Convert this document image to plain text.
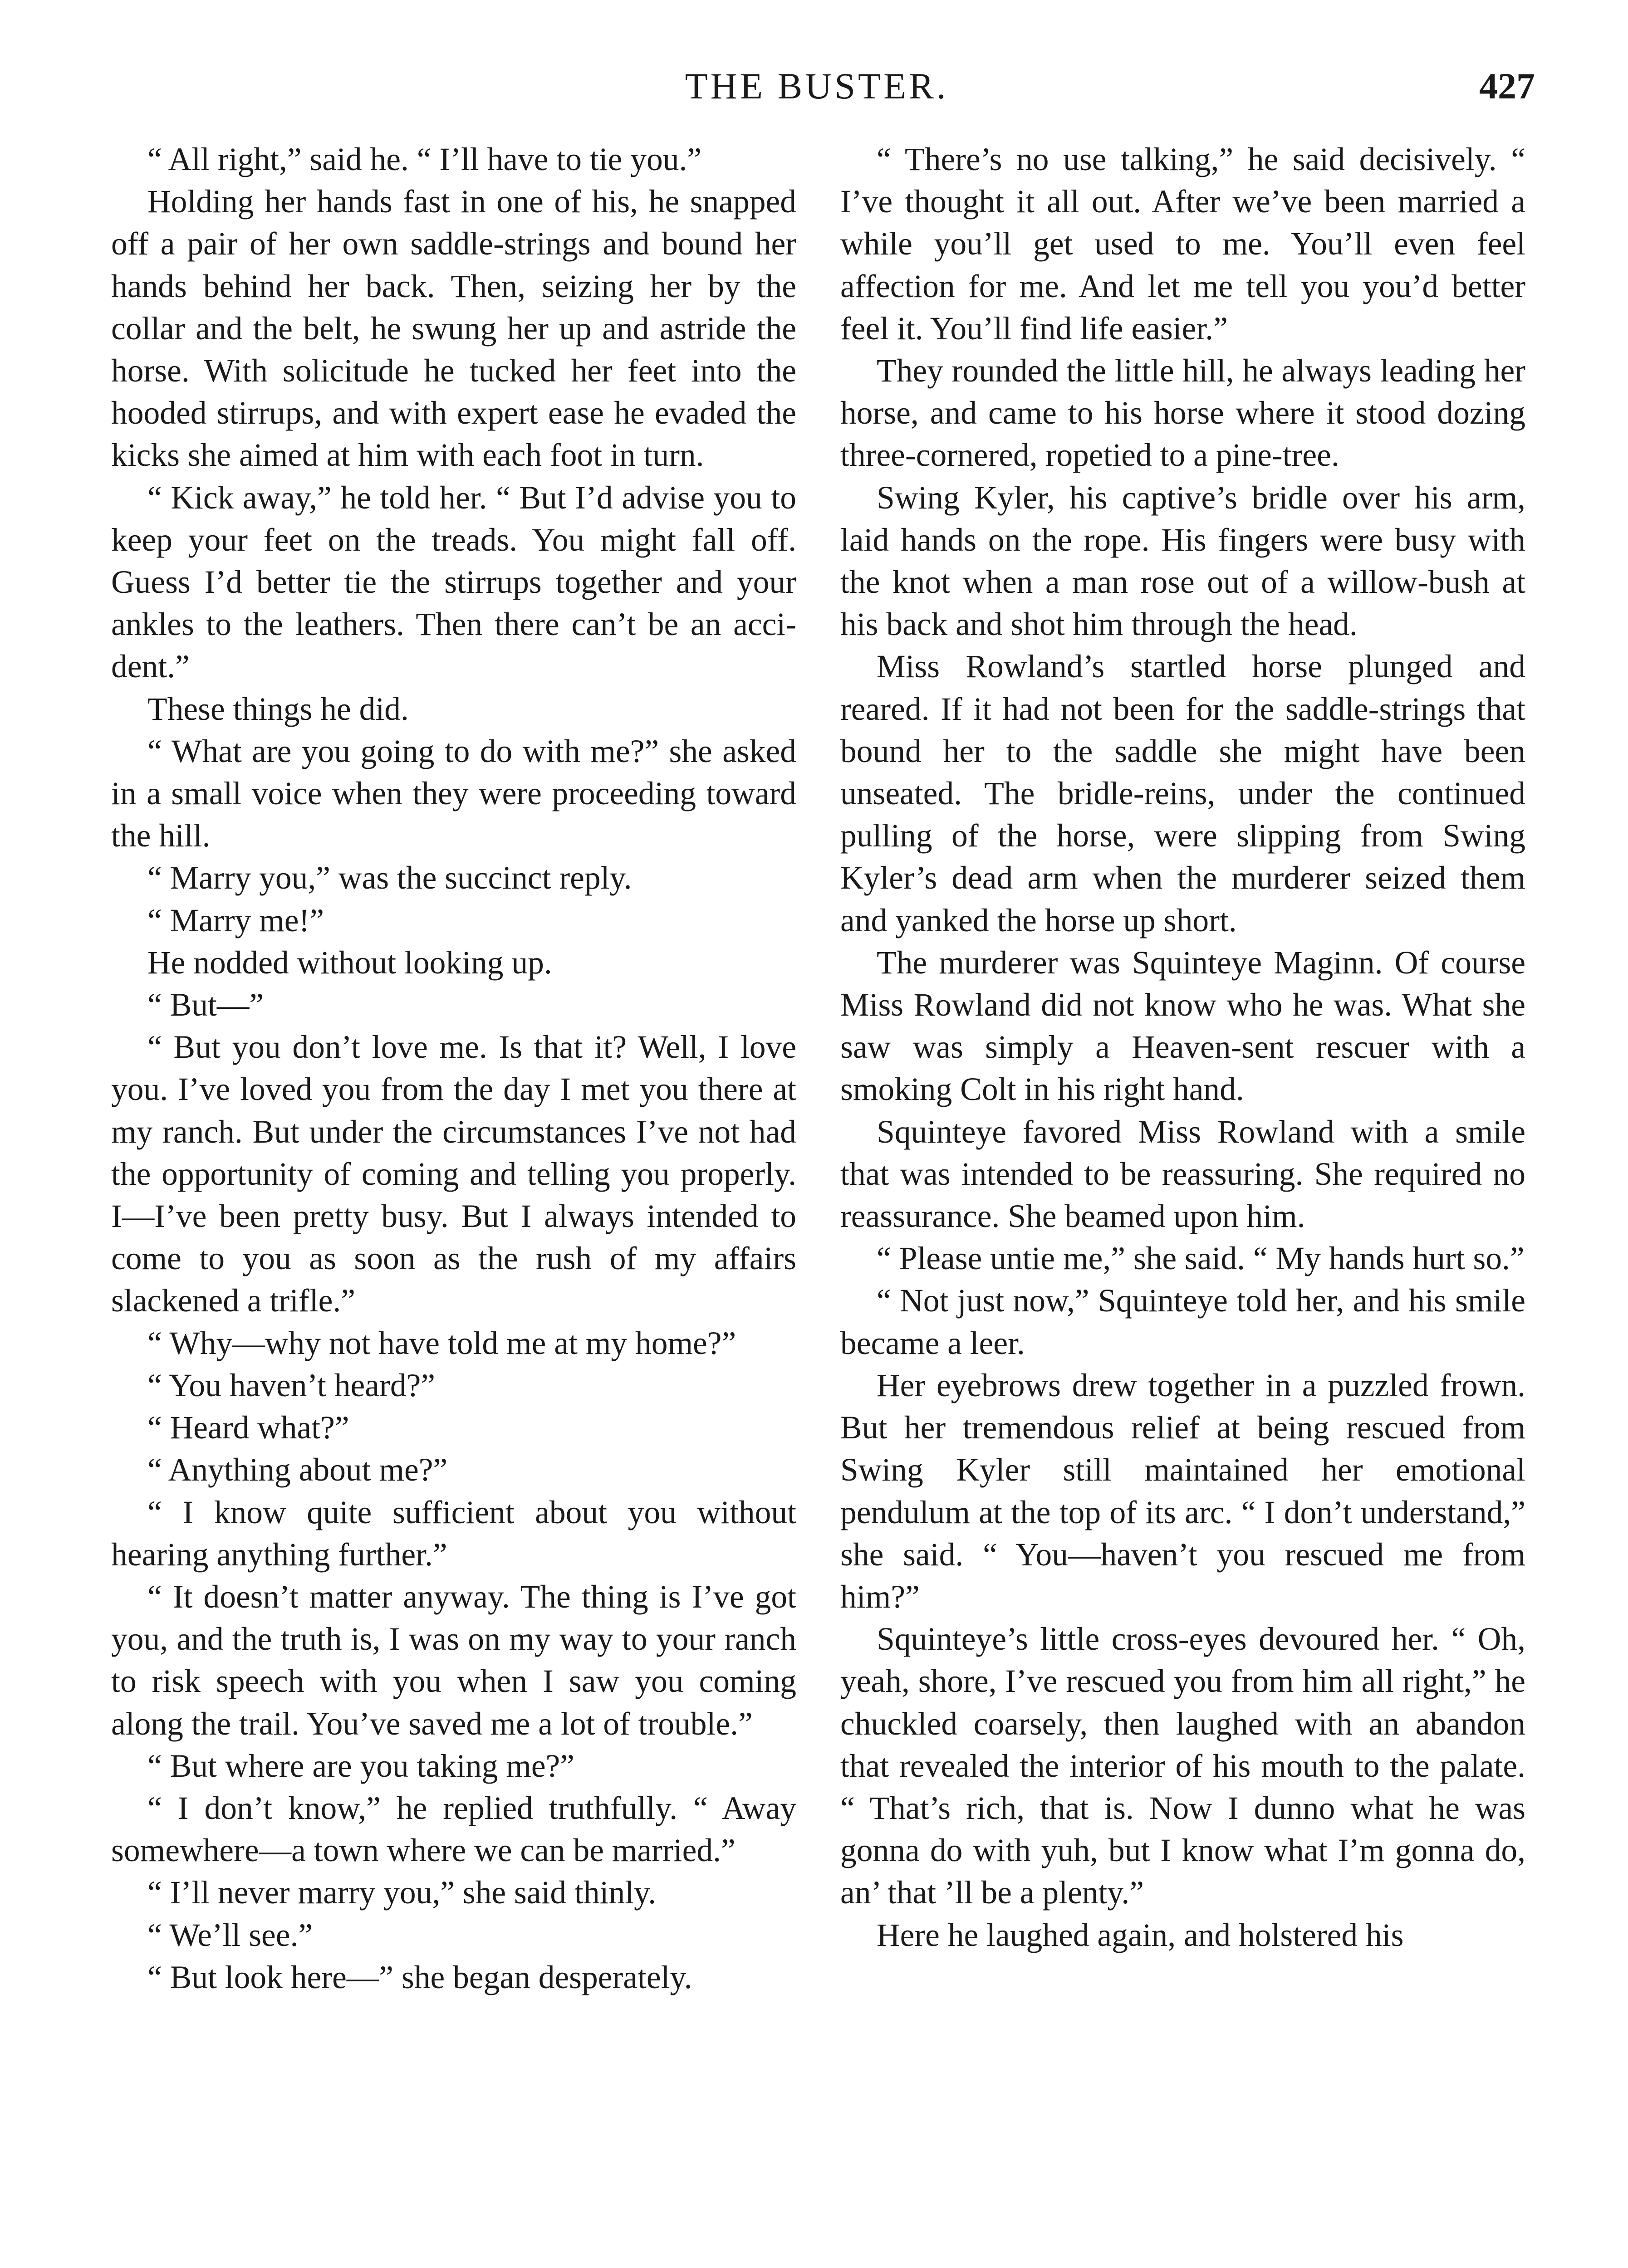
THE BUSTER.	427

“ All right,” said he. “ I’ll have to tie you.”

Holding her hands fast in one of his, he snapped off a pair of her own saddle-strings and bound her hands behind her back. Then, seizing her by the collar and the belt, he swung her up and astride the horse. With solicitude he tucked her feet into the hooded stirrups, and with expert ease he evaded the kicks she aimed at him with each foot in turn.

“ Kick away,” he told her. “ But I’d advise you to keep your feet on the treads. You might fall off. Guess I’d better tie the stirrups together and your ankles to the leathers. Then there can’t be an accident.”

These things he did.

“ What are you going to do with me?” she asked in a small voice when they were proceeding toward the hill.

“ Marry you,” was the succinct reply.

“ Marry me!”

He nodded without looking up.

“ But—”

“ But you don’t love me. Is that it? Well, I love you. I’ve loved you from the day I met you there at my ranch. But under the circumstances I’ve not had the opportunity of coming and telling you properly. I—I’ve been pretty busy. But I always intended to come to you as soon as the rush of my affairs slackened a trifle.”

“ Why—why not have told me at my home?”

“ You haven’t heard?”

“ Heard what?”

“ Anything about me?”

“ I know quite sufficient about you without hearing anything further.”

“ It doesn’t matter anyway. The thing is I’ve got you, and the truth is, I was on my way to your ranch to risk speech with you when I saw you coming along the trail. You’ve saved me a lot of trouble.”

“ But where are you taking me?”

“ I don’t know,” he replied truthfully. “ Away somewhere—a town where we can be married.”

“ I’ll never marry you,” she said thinly.

“ We’ll see.”

“ But look here—” she began desperately.

“ There’s no use talking,” he said decisively. “ I’ve thought it all out. After we’ve been married a while you’ll get used to me. You’ll even feel affection for me. And let me tell you you’d better feel it. You’ll find life easier.”

They rounded the little hill, he always leading her horse, and came to his horse where it stood dozing three-cornered, ropetied to a pine-tree.

Swing Kyler, his captive’s bridle over his arm, laid hands on the rope. His fingers were busy with the knot when a man rose out of a willow-bush at his back and shot him through the head.

Miss Rowland’s startled horse plunged and reared. If it had not been for the saddle-strings that bound her to the saddle she might have been unseated. The bridle-reins, under the continued pulling of the horse, were slipping from Swing Kyler’s dead arm when the murderer seized them and yanked the horse up short.

The murderer was Squinteye Maginn. Of course Miss Rowland did not know who he was. What she saw was simply a Heaven-sent rescuer with a smoking Colt in his right hand.

Squinteye favored Miss Rowland with a smile that was intended to be reassuring. She required no reassurance. She beamed upon him.

“ Please untie me,” she said. “ My hands hurt so.”

“ Not just now,” Squinteye told her, and his smile became a leer.

Her eyebrows drew together in a puzzled frown. But her tremendous relief at being rescued from Swing Kyler still maintained her emotional pendulum at the top of its arc. “ I don’t understand,” she said. “ You—haven’t you rescued me from him?”

Squinteye’s little cross-eyes devoured her. “ Oh, yeah, shore, I’ve rescued you from him all right,” he chuckled coarsely, then laughed with an abandon that revealed the interior of his mouth to the palate. “ That’s rich, that is. Now I dunno what he was gonna do with yuh, but I know what I’m gonna do, an’ that ’ll be a plenty.”

Here he laughed again, and holstered his
